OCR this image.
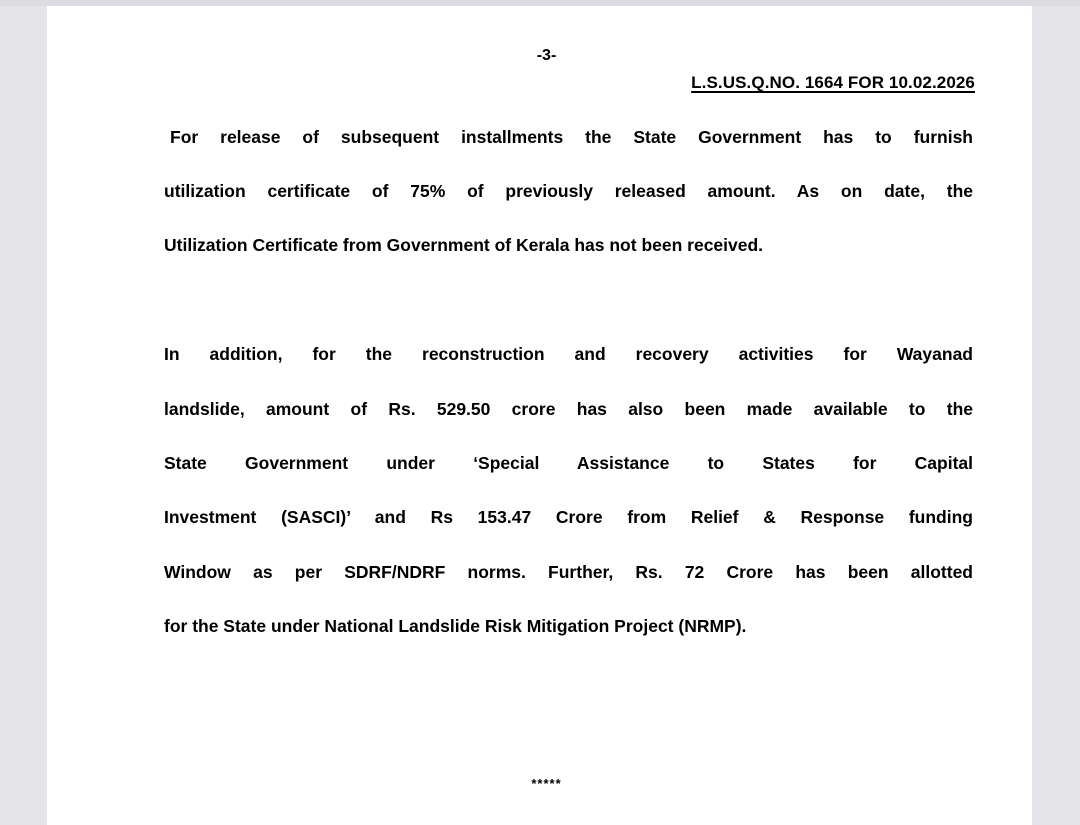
-3-
L.S.US.Q.NO. 1664 FOR 10.02.2026
For release of subsequent installments the State Government has to furnish
utilization certificate of 75% of previously released amount. As on date, the
Utilization Certificate from Government of Kerala has not been received.
In addition, for the reconstruction and recovery activities for Wayanad
landslide, amount of Rs. 529.50 crore has also been made available to the
State Government under ‘Special Assistance to States for Capital
Investment (SASCI)’ and Rs 153.47 Crore from Relief & Response funding
Window as per SDRF/NDRF norms. Further, Rs. 72 Crore has been allotted
for the State under National Landslide Risk Mitigation Project (NRMP).
*****
